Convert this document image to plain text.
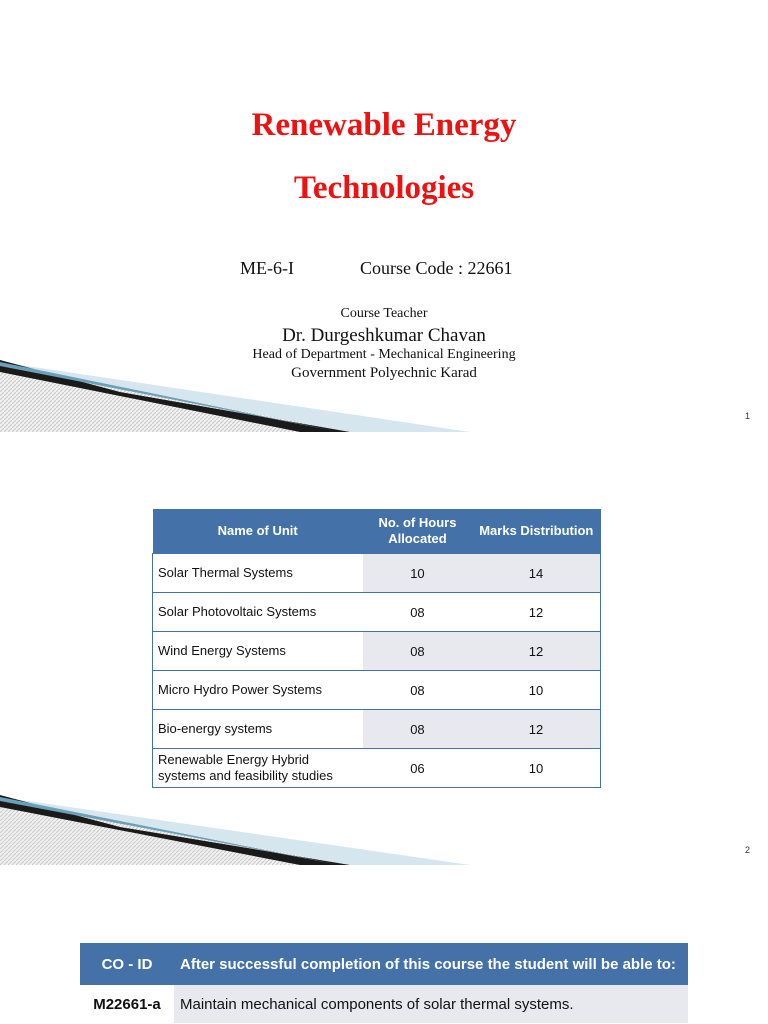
Renewable Energy
Technologies
ME-6-I	Course Code : 22661
Course Teacher
Dr. Durgeshkumar Chavan
Head of Department - Mechanical Engineering
Government Polyechnic Karad
1
Name of Unit	No. of Hours Allocated	Marks Distribution
Solar Thermal Systems	10	14
Solar Photovoltaic Systems	08	12
Wind Energy Systems	08	12
Micro Hydro Power Systems	08	10
Bio-energy systems	08	12
Renewable Energy Hybrid systems and feasibility studies	06	10
2
CO - ID	After successful completion of this course the student will be able to:
M22661-a	Maintain mechanical components of solar thermal systems.
